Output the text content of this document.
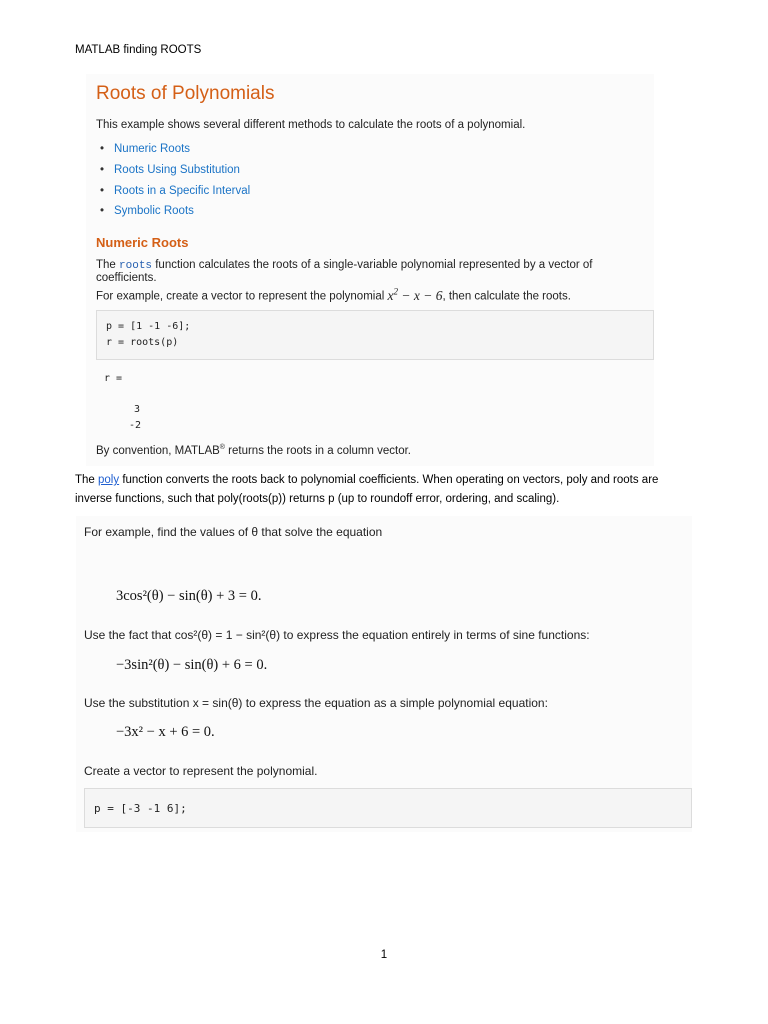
MATLAB finding ROOTS
Roots of Polynomials
This example shows several different methods to calculate the roots of a polynomial.
• Numeric Roots
• Roots Using Substitution
• Roots in a Specific Interval
• Symbolic Roots
Numeric Roots
The roots function calculates the roots of a single-variable polynomial represented by a vector of coefficients.
For example, create a vector to represent the polynomial $x^2 - x - 6$, then calculate the roots.
p = [1 -1 -6];
r = roots(p)
r =
3
-2
By convention, MATLAB® returns the roots in a column vector.
The poly function converts the roots back to polynomial coefficients. When operating on vectors, poly and roots are inverse functions, such that poly(roots(p)) returns p (up to roundoff error, ordering, and scaling).
For example, find the values of θ that solve the equation
3cos²(θ) − sin(θ) + 3 = 0.
Use the fact that cos²(θ) = 1 − sin²(θ) to express the equation entirely in terms of sine functions:
−3sin²(θ) − sin(θ) + 6 = 0.
Use the substitution x = sin(θ) to express the equation as a simple polynomial equation:
−3x² − x + 6 = 0.
Create a vector to represent the polynomial.
p = [-3 -1 6];
1
